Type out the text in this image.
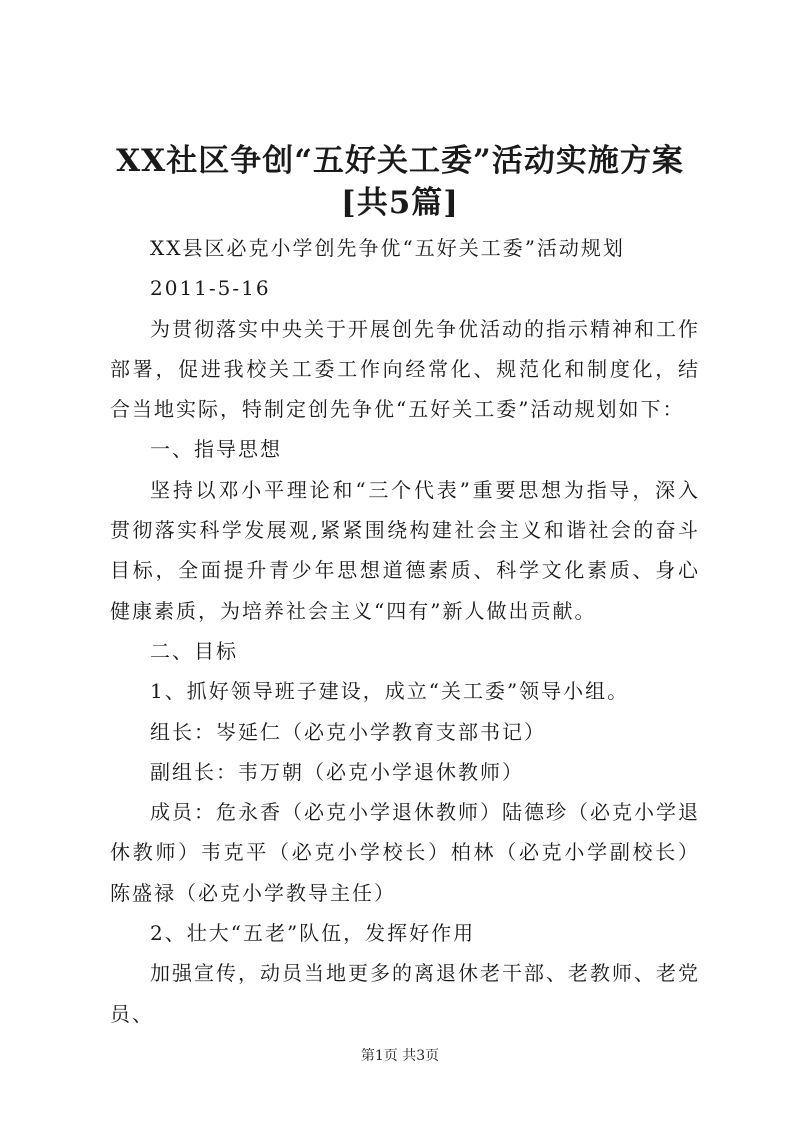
XX社区争创“五好关工委”活动实施方案[共5篇]

XX县区必克小学创先争优“五好关工委”活动规划

2011-5-16

为贯彻落实中央关于开展创先争优活动的指示精神和工作部署，促进我校关工委工作向经常化、规范化和制度化，结合当地实际，特制定创先争优“五好关工委”活动规划如下：

一、指导思想

坚持以邓小平理论和“三个代表”重要思想为指导，深入贯彻落实科学发展观,紧紧围绕构建社会主义和谐社会的奋斗目标，全面提升青少年思想道德素质、科学文化素质、身心健康素质，为培养社会主义“四有”新人做出贡献。

二、目标

1、抓好领导班子建设，成立“关工委”领导小组。

组长：岑延仁（必克小学教育支部书记）

副组长：韦万朝（必克小学退休教师）

成员：危永香（必克小学退休教师）陆德珍（必克小学退休教师）韦克平（必克小学校长）柏林（必克小学副校长）陈盛禄（必克小学教导主任）

2、壮大“五老”队伍，发挥好作用

加强宣传，动员当地更多的离退休老干部、老教师、老党员、

第1页 共3页
